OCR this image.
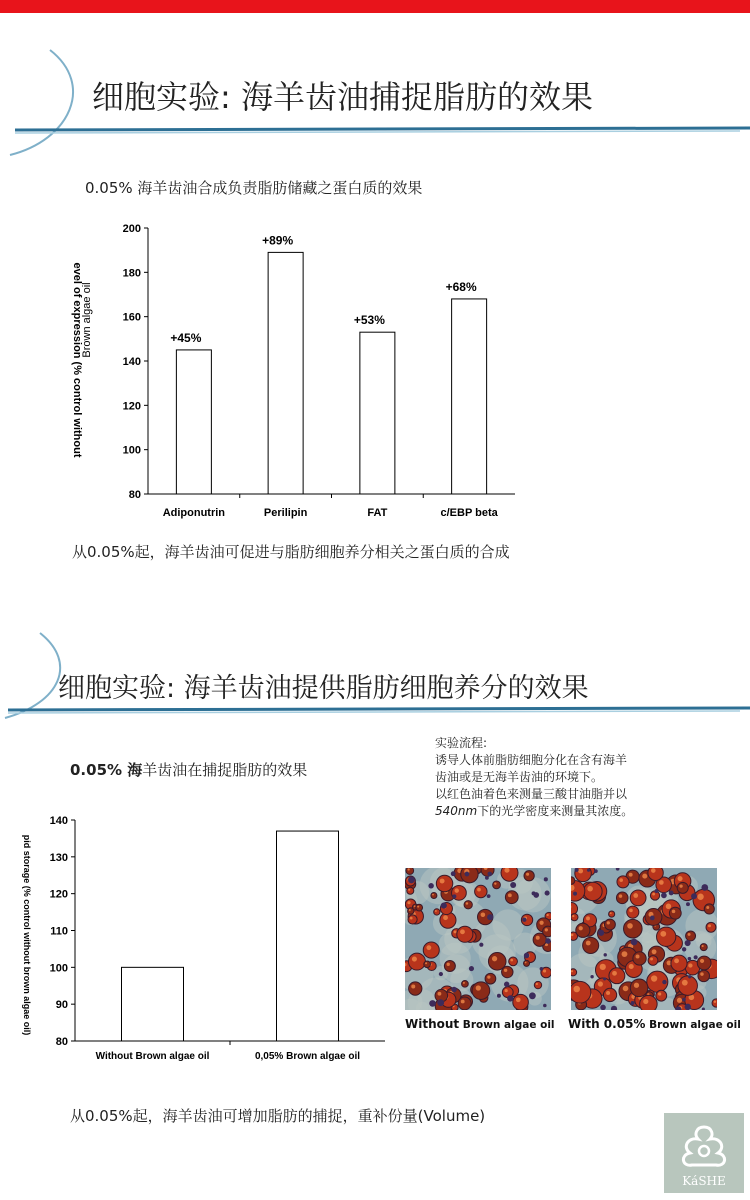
细胞实验: 海羊齿油捕捉脂肪的效果
0.05% 海羊齿油合成负责脂肪储藏之蛋白质的效果
80
100
120
140
160
180
200
Adiponutrin
+45%
Perilipin
+89%
FAT
+53%
c/EBP beta
+68%
evel of expression (% control without
Brown algae oil
从0.05%起，海羊齿油可促进与脂肪细胞养分相关之蛋白质的合成
细胞实验: 海羊齿油提供脂肪细胞养分的效果
0.05% 海羊齿油在捕捉脂肪的效果
实验流程:
诱导人体前脂肪细胞分化在含有海羊
齿油或是无海羊齿油的环境下。
以红色油着色来测量三酸甘油脂并以
540nm下的光学密度来测量其浓度。
80
90
100
110
120
130
140
Without Brown algae oil	0,05% Brown algae oil
pid storage (% control without brown algae oil)	Without Brown algae oil With 0.05% Brown algae oil
从0.05%起，海羊齿油可增加脂肪的捕捉，重补份量(Volume)
KáSHE
